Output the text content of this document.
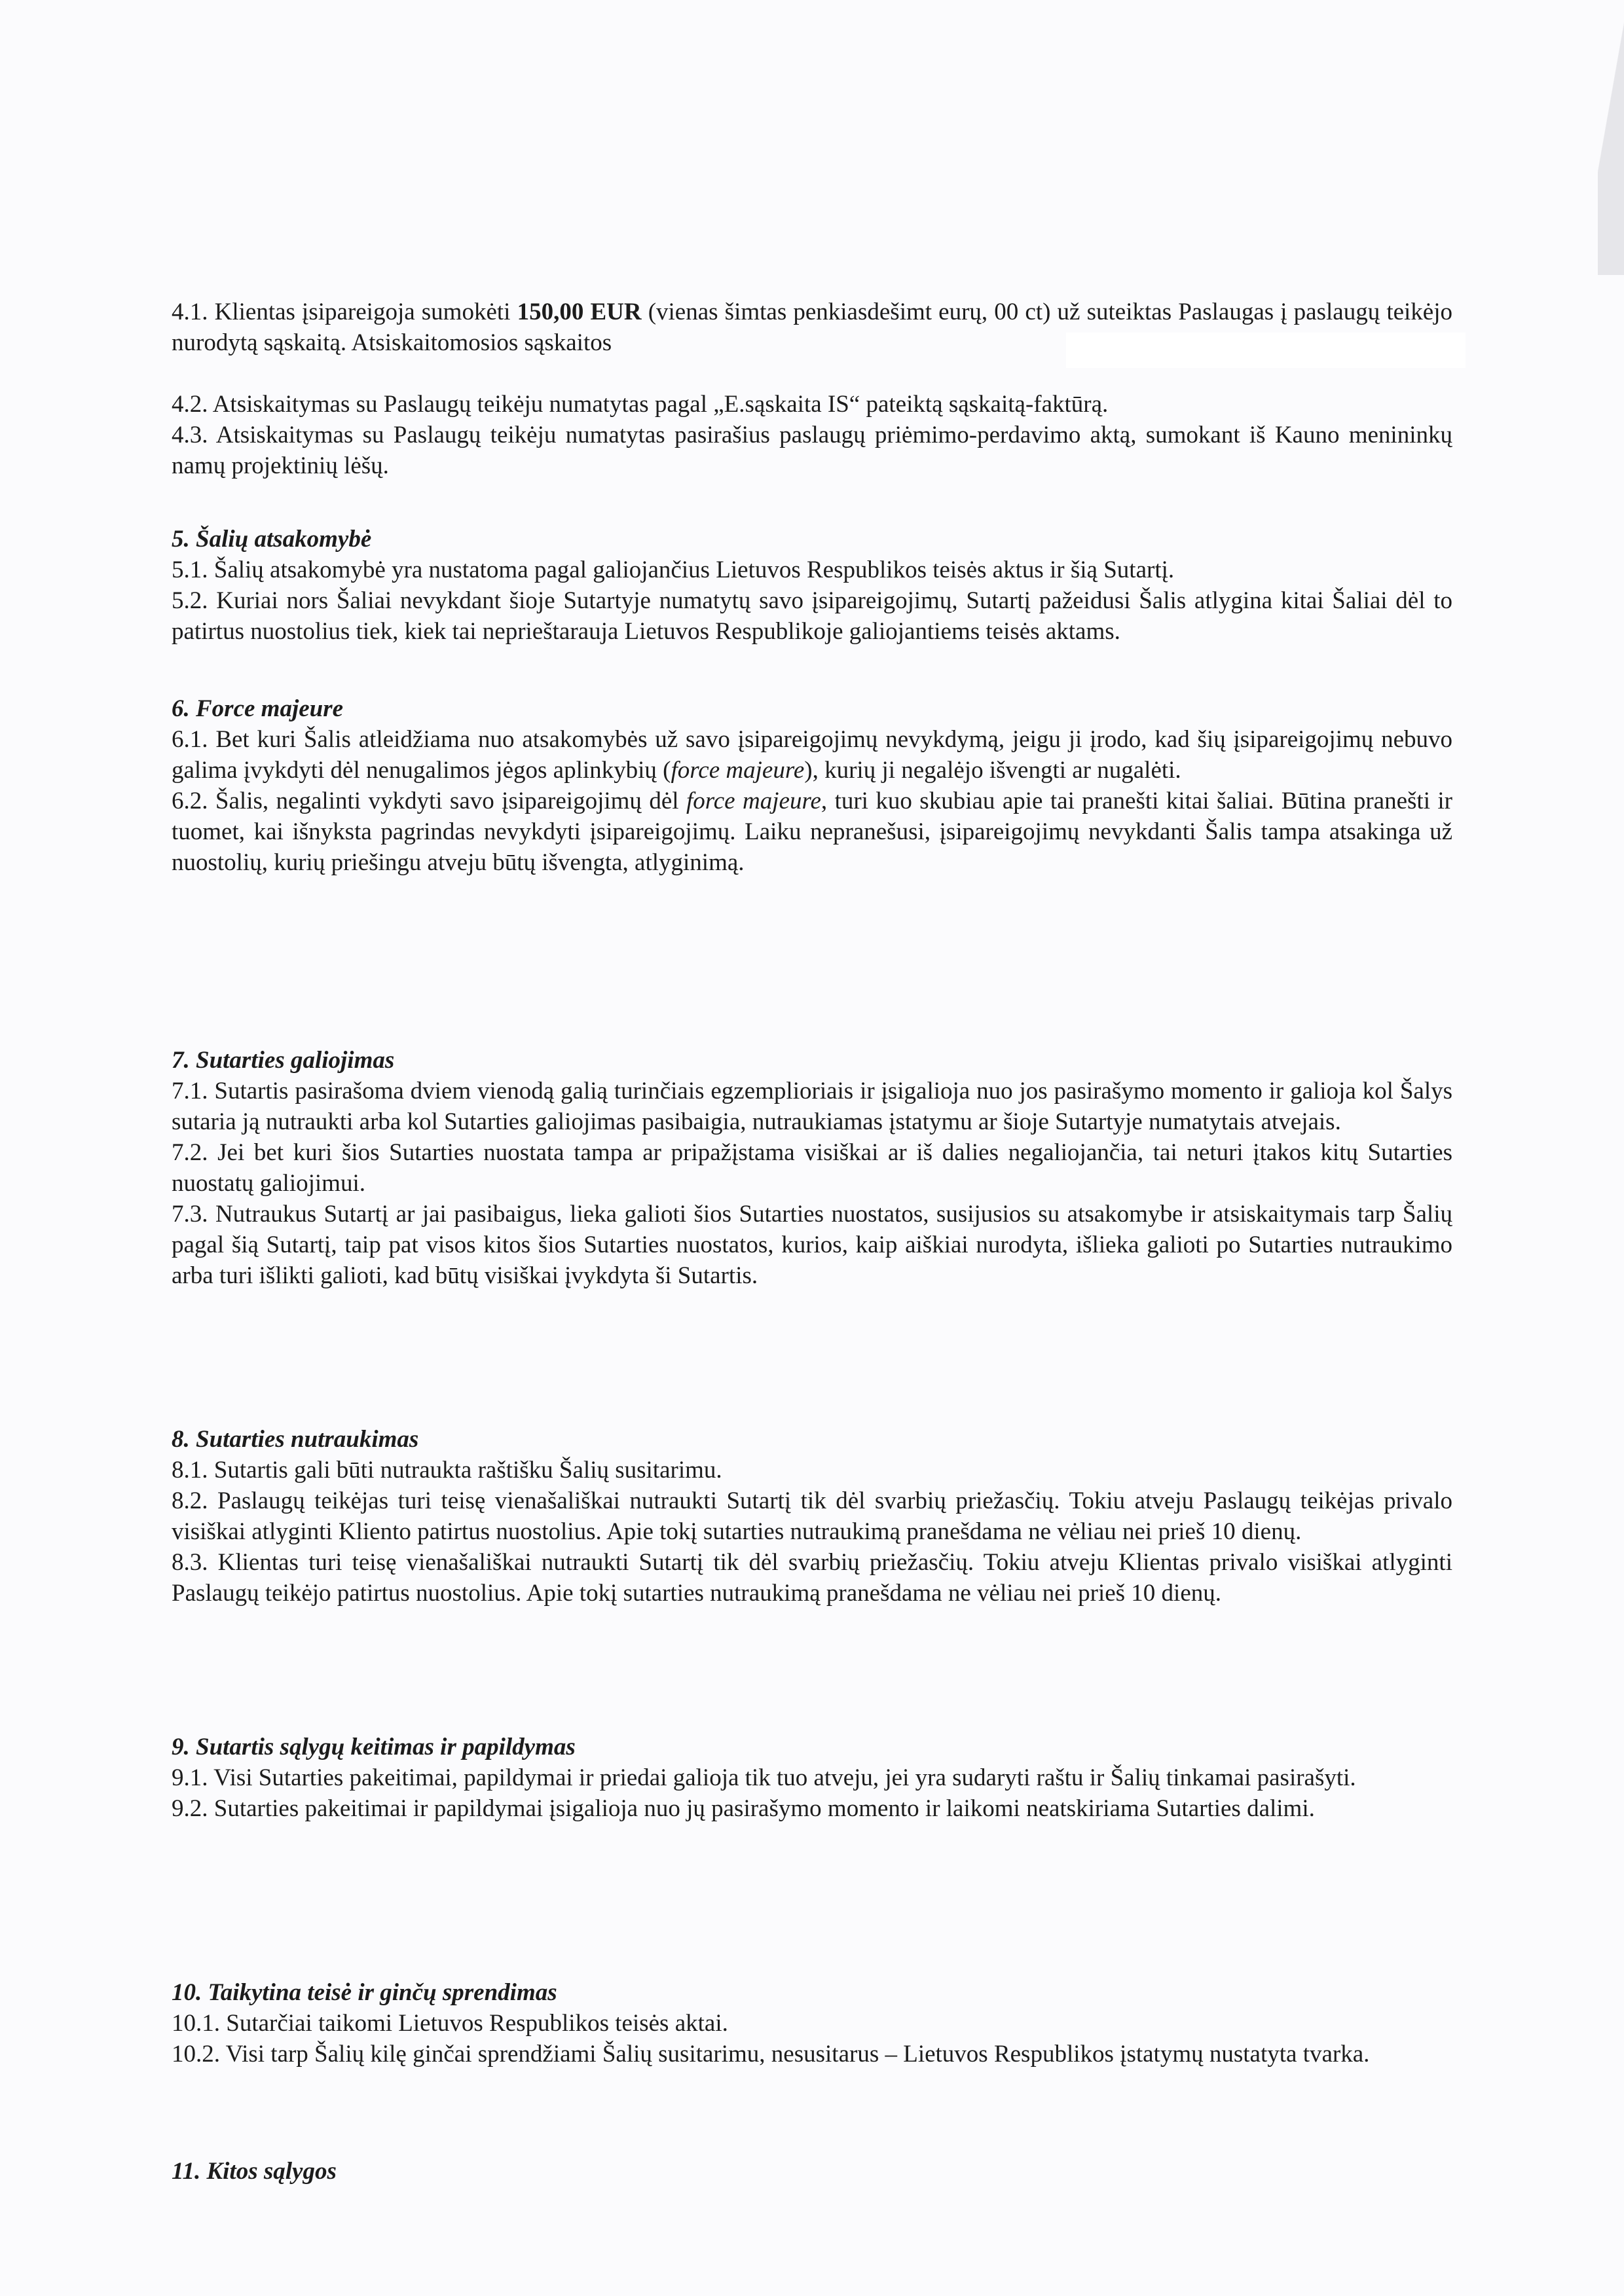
4.1. Klientas įsipareigoja sumokėti 150,00 EUR (vienas šimtas penkiasdešimt eurų, 00 ct) už suteiktas Paslaugas į paslaugų teikėjo nurodytą sąskaitą. Atsiskaitomosios sąskaitos

4.2. Atsiskaitymas su Paslaugų teikėju numatytas pagal „E.sąskaita IS“ pateiktą sąskaitą-faktūrą.

4.3. Atsiskaitymas su Paslaugų teikėju numatytas pasirašius paslaugų priėmimo-perdavimo aktą, sumokant iš Kauno menininkų namų projektinių lėšų.

5. Šalių atsakomybė

5.1. Šalių atsakomybė yra nustatoma pagal galiojančius Lietuvos Respublikos teisės aktus ir šią Sutartį.

5.2. Kuriai nors Šaliai nevykdant šioje Sutartyje numatytų savo įsipareigojimų, Sutartį pažeidusi Šalis atlygina kitai Šaliai dėl to patirtus nuostolius tiek, kiek tai neprieštarauja Lietuvos Respublikoje galiojantiems teisės aktams.

6. Force majeure

6.1. Bet kuri Šalis atleidžiama nuo atsakomybės už savo įsipareigojimų nevykdymą, jeigu ji įrodo, kad šių įsipareigojimų nebuvo galima įvykdyti dėl nenugalimos jėgos aplinkybių (force majeure), kurių ji negalėjo išvengti ar nugalėti.

6.2. Šalis, negalinti vykdyti savo įsipareigojimų dėl force majeure, turi kuo skubiau apie tai pranešti kitai šaliai. Būtina pranešti ir tuomet, kai išnyksta pagrindas nevykdyti įsipareigojimų. Laiku nepranešusi, įsipareigojimų nevykdanti Šalis tampa atsakinga už nuostolių, kurių priešingu atveju būtų išvengta, atlyginimą.

7. Sutarties galiojimas

7.1. Sutartis pasirašoma dviem vienodą galią turinčiais egzemplioriais ir įsigalioja nuo jos pasirašymo momento ir galioja kol Šalys sutaria ją nutraukti arba kol Sutarties galiojimas pasibaigia, nutraukiamas įstatymu ar šioje Sutartyje numatytais atvejais.

7.2. Jei bet kuri šios Sutarties nuostata tampa ar pripažįstama visiškai ar iš dalies negaliojančia, tai neturi įtakos kitų Sutarties nuostatų galiojimui.

7.3. Nutraukus Sutartį ar jai pasibaigus, lieka galioti šios Sutarties nuostatos, susijusios su atsakomybe ir atsiskaitymais tarp Šalių pagal šią Sutartį, taip pat visos kitos šios Sutarties nuostatos, kurios, kaip aiškiai nurodyta, išlieka galioti po Sutarties nutraukimo arba turi išlikti galioti, kad būtų visiškai įvykdyta ši Sutartis.

8. Sutarties nutraukimas

8.1. Sutartis gali būti nutraukta raštišku Šalių susitarimu.

8.2. Paslaugų teikėjas turi teisę vienašališkai nutraukti Sutartį tik dėl svarbių priežasčių. Tokiu atveju Paslaugų teikėjas privalo visiškai atlyginti Kliento patirtus nuostolius. Apie tokį sutarties nutraukimą pranešdama ne vėliau nei prieš 10 dienų.

8.3. Klientas turi teisę vienašališkai nutraukti Sutartį tik dėl svarbių priežasčių. Tokiu atveju Klientas privalo visiškai atlyginti Paslaugų teikėjo patirtus nuostolius. Apie tokį sutarties nutraukimą pranešdama ne vėliau nei prieš 10 dienų.

9. Sutartis sąlygų keitimas ir papildymas

9.1. Visi Sutarties pakeitimai, papildymai ir priedai galioja tik tuo atveju, jei yra sudaryti raštu ir Šalių tinkamai pasirašyti.

9.2. Sutarties pakeitimai ir papildymai įsigalioja nuo jų pasirašymo momento ir laikomi neatskiriama Sutarties dalimi.

10. Taikytina teisė ir ginčų sprendimas

10.1. Sutarčiai taikomi Lietuvos Respublikos teisės aktai.

10.2. Visi tarp Šalių kilę ginčai sprendžiami Šalių susitarimu, nesusitarus – Lietuvos Respublikos įstatymų nustatyta tvarka.

11. Kitos sąlygos
